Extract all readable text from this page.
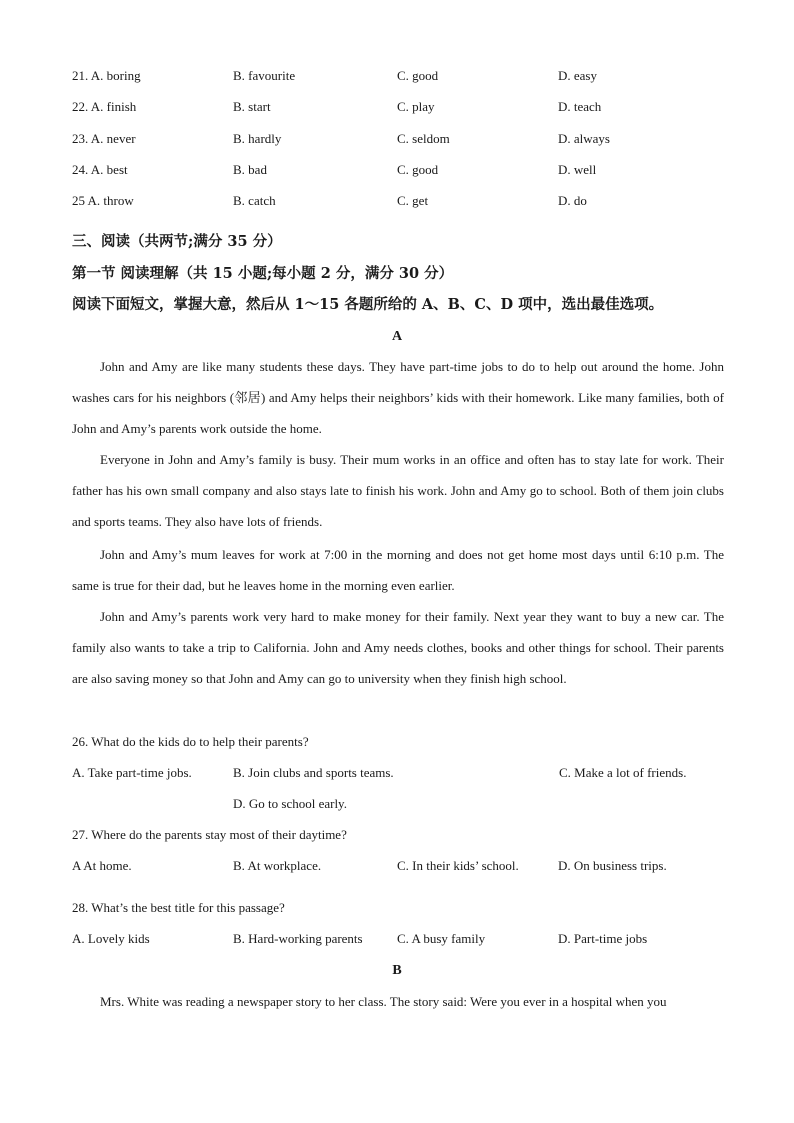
21. A. boring	B. favourite	C. good	D. easy
22. A. finish	B. start	C. play	D. teach
23. A. never	B. hardly	C. seldom	D. always
24. A. best	B. bad	C. good	D. well
25 A. throw	B. catch	C. get	D. do
三、阅读（共两节;满分 35 分）
第一节 阅读理解（共 15 小题;每小题 2 分，满分 30 分）
阅读下面短文，掌握大意，然后从 1～15 各题所给的 A、B、C、D 项中，选出最佳选项。
A

John and Amy are like many students these days. They have part-time jobs to do to help out around the home. John washes cars for his neighbors (邻居) and Amy helps their neighbors’ kids with their homework. Like many families, both of John and Amy’s parents work outside the home.

Everyone in John and Amy’s family is busy. Their mum works in an office and often has to stay late for work. Their father has his own small company and also stays late to finish his work. John and Amy go to school. Both of them join clubs and sports teams. They also have lots of friends.

John and Amy’s mum leaves for work at 7:00 in the morning and does not get home most days until 6:10 p.m. The same is true for their dad, but he leaves home in the morning even earlier.

John and Amy’s parents work very hard to make money for their family. Next year they want to buy a new car. The family also wants to take a trip to California. John and Amy needs clothes, books and other things for school. Their parents are also saving money so that John and Amy can go to university when they finish high school.

26. What do the kids do to help their parents?
A. Take part-time jobs.	B. Join clubs and sports teams.	C. Make a lot of friends.
D. Go to school early.
27. Where do the parents stay most of their daytime?
A At home.	B. At workplace.	C. In their kids’ school.	D. On business trips.
28. What’s the best title for this passage?
A. Lovely kids	B. Hard-working parents	C. A busy family	D. Part-time jobs
B

Mrs. White was reading a newspaper story to her class. The story said: Were you ever in a hospital when you
